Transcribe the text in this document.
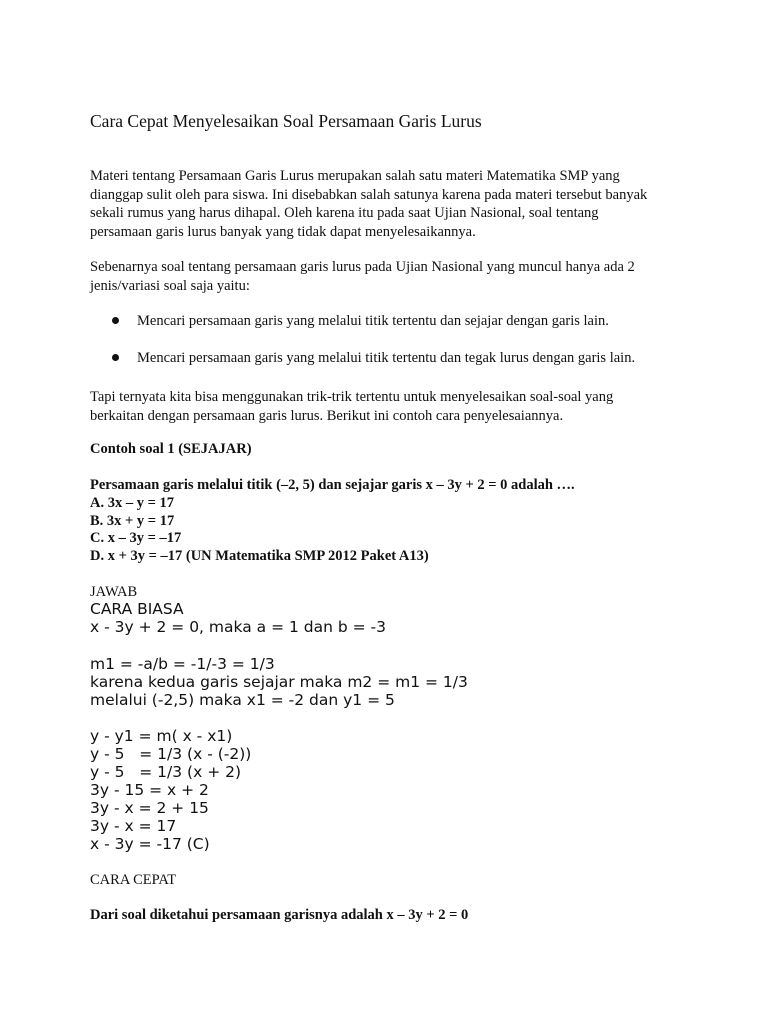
Cara Cepat Menyelesaikan Soal Persamaan Garis Lurus
Materi tentang Persamaan Garis Lurus merupakan salah satu materi Matematika SMP yang
dianggap sulit oleh para siswa. Ini disebabkan salah satunya karena pada materi tersebut banyak
sekali rumus yang harus dihapal. Oleh karena itu pada saat Ujian Nasional, soal tentang
persamaan garis lurus banyak yang tidak dapat menyelesaikannya.
Sebenarnya soal tentang persamaan garis lurus pada Ujian Nasional yang muncul hanya ada 2
jenis/variasi soal saja yaitu:
Mencari persamaan garis yang melalui titik tertentu dan sejajar dengan garis lain.
Mencari persamaan garis yang melalui titik tertentu dan tegak lurus dengan garis lain.
Tapi ternyata kita bisa menggunakan trik-trik tertentu untuk menyelesaikan soal-soal yang
berkaitan dengan persamaan garis lurus. Berikut ini contoh cara penyelesaiannya.
Contoh soal 1 (SEJAJAR)
Persamaan garis melalui titik (–2, 5) dan sejajar garis x – 3y + 2 = 0 adalah ….
A. 3x – y = 17
B. 3x + y = 17
C. x – 3y = –17
D. x + 3y = –17 (UN Matematika SMP 2012 Paket A13)
JAWAB
CARA BIASA
x - 3y + 2 = 0, maka a = 1 dan b = -3
m1 = -a/b = -1/-3 = 1/3
karena kedua garis sejajar maka m2 = m1 = 1/3
melalui (-2,5) maka x1 = -2 dan y1 = 5
y - y1 = m( x - x1)
y - 5   = 1/3 (x - (-2))
y - 5   = 1/3 (x + 2)
3y - 15 = x + 2
3y - x = 2 + 15
3y - x = 17
x - 3y = -17 (C)
CARA CEPAT
Dari soal diketahui persamaan garisnya adalah x – 3y + 2 = 0
